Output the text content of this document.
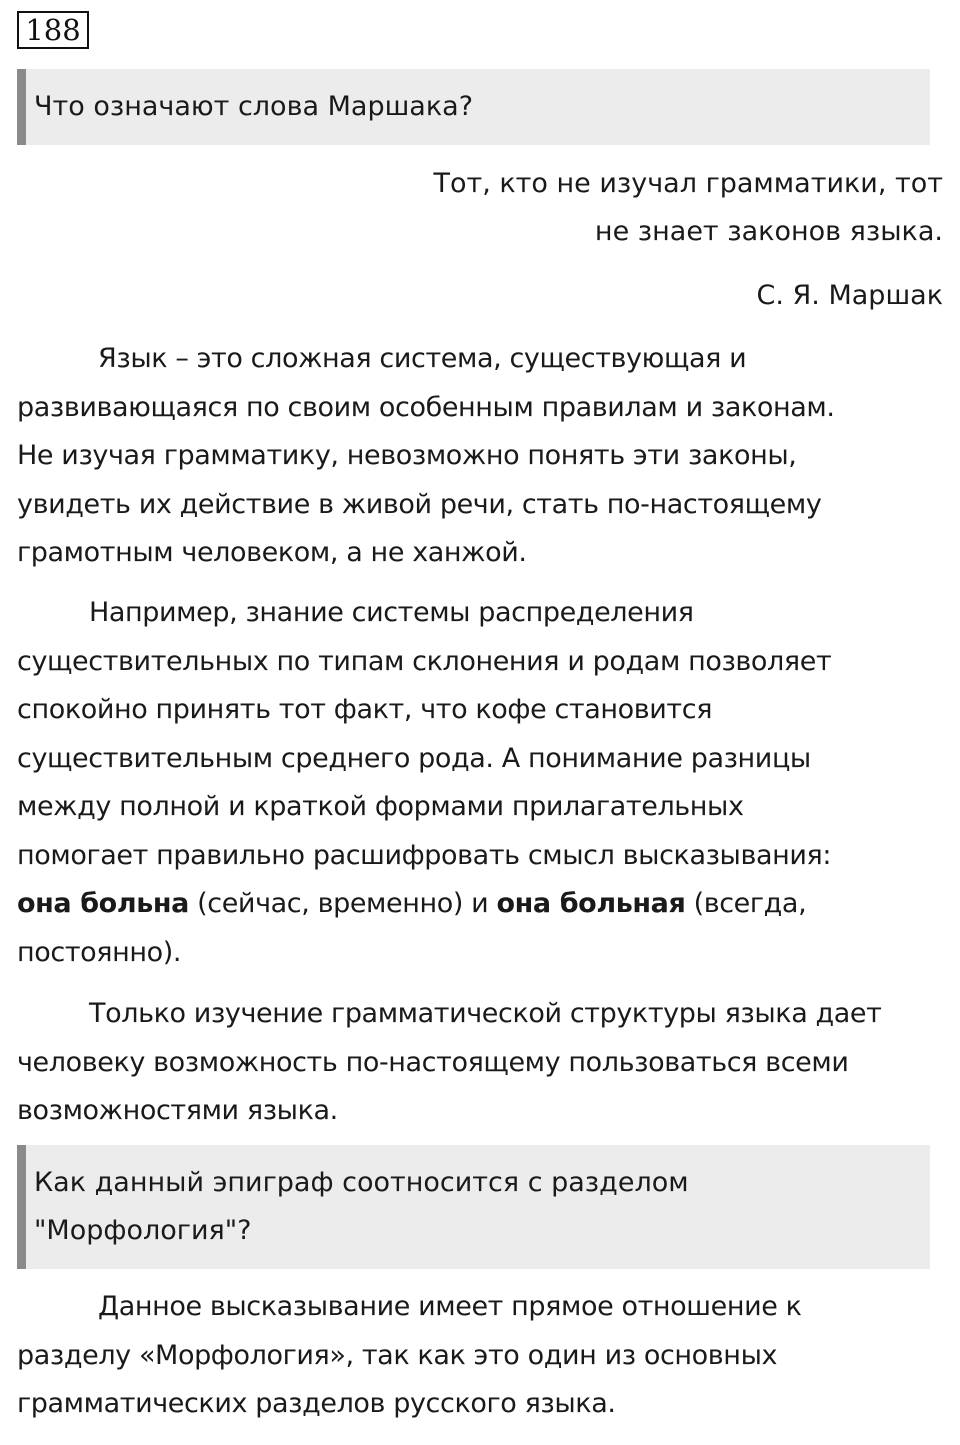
188
Что означают слова Маршака?
Тот, кто не изучал грамматики, тот
не знает законов языка.
С. Я. Маршак

Язык – это сложная система, существующая и
развивающаяся по своим особенным правилам и законам.
Не изучая грамматику, невозможно понять эти законы,
увидеть их действие в живой речи, стать по-настоящему
грамотным человеком, а не ханжой.

Например, знание системы распределения
существительных по типам склонения и родам позволяет
спокойно принять тот факт, что кофе становится
существительным среднего рода. А понимание разницы
между полной и краткой формами прилагательных
помогает правильно расшифровать смысл высказывания:
она больна (сейчас, временно) и она больная (всегда,
постоянно).

Только изучение грамматической структуры языка дает
человеку возможность по-настоящему пользоваться всеми
возможностями языка.

Как данный эпиграф соотносится с разделом
"Морфология"?

Данное высказывание имеет прямое отношение к
разделу «Морфология», так как это один из основных
грамматических разделов русского языка.
